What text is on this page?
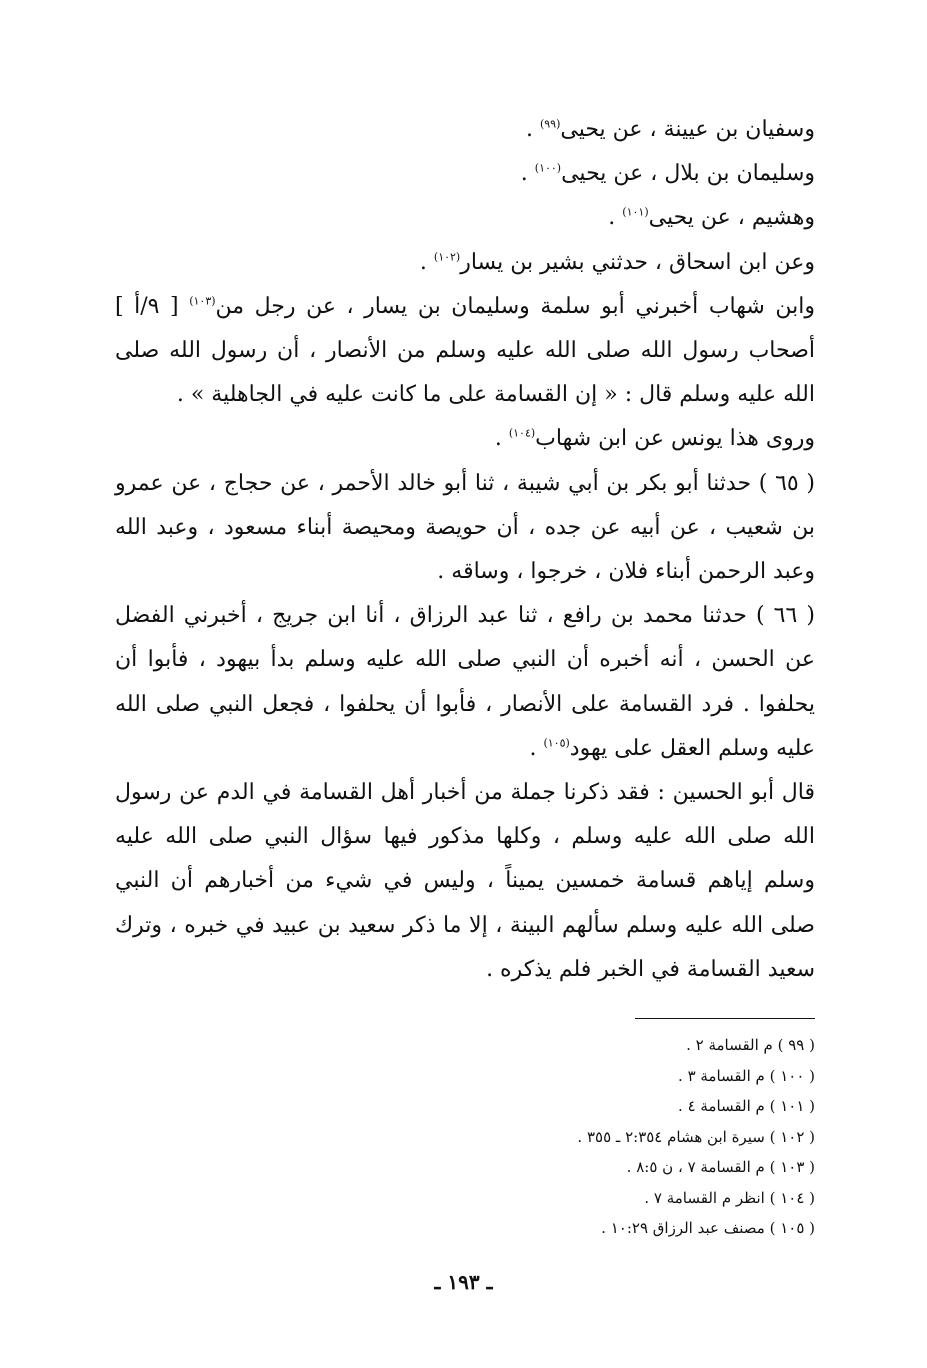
وسفيان بن عيينة ، عن يحيى$^{(٩٩)}$ .

وسليمان بن بلال ، عن يحيى$^{(١٠٠)}$ .

وهشيم ، عن يحيى$^{(١٠١)}$ .

وعن ابن اسحاق ، حدثني بشير بن يسار$^{(١٠٢)}$ .

وابن شهاب أخبرني أبو سلمة وسليمان بن يسار ، عن رجل من$^{(١٠٣)}$ [ ٩/أ ] أصحاب رسول الله صلى الله عليه وسلم من الأنصار ، أن رسول الله صلى الله عليه وسلم قال : « إن القسامة على ما كانت عليه في الجاهلية » .

وروى هذا يونس عن ابن شهاب$^{(١٠٤)}$ .

( ٦٥ ) حدثنا أبو بكر بن أبي شيبة ، ثنا أبو خالد الأحمر ، عن حجاج ، عن عمرو بن شعيب ، عن أبيه عن جده ، أن حويصة ومحيصة أبناء مسعود ، وعبد الله وعبد الرحمن أبناء فلان ، خرجوا ، وساقه .

( ٦٦ ) حدثنا محمد بن رافع ، ثنا عبد الرزاق ، أنا ابن جريج ، أخبرني الفضل عن الحسن ، أنه أخبره أن النبي صلى الله عليه وسلم بدأ بيهود ، فأبوا أن يحلفوا . فرد القسامة على الأنصار ، فأبوا أن يحلفوا ، فجعل النبي صلى الله عليه وسلم العقل على يهود$^{(١٠٥)}$ .

قال أبو الحسين : فقد ذكرنا جملة من أخبار أهل القسامة في الدم عن رسول الله صلى الله عليه وسلم ، وكلها مذكور فيها سؤال النبي صلى الله عليه وسلم إياهم قسامة خمسين يميناً ، وليس في شيء من أخبارهم أن النبي صلى الله عليه وسلم سألهم البينة ، إلا ما ذكر سعيد بن عبيد في خبره ، وترك سعيد القسامة في الخبر فلم يذكره .

( ٩٩ ) م القسامة ٢ .
( ١٠٠ ) م القسامة ٣ .
( ١٠١ ) م القسامة ٤ .
( ١٠٢ ) سيرة ابن هشام ٢:٣٥٤ ـ ٣٥٥ .
( ١٠٣ ) م القسامة ٧ ، ن ٨:٥ .
( ١٠٤ ) انظر م القسامة ٧ .
( ١٠٥ ) مصنف عبد الرزاق ١٠:٢٩ .
ـ ١٩٣ ـ
